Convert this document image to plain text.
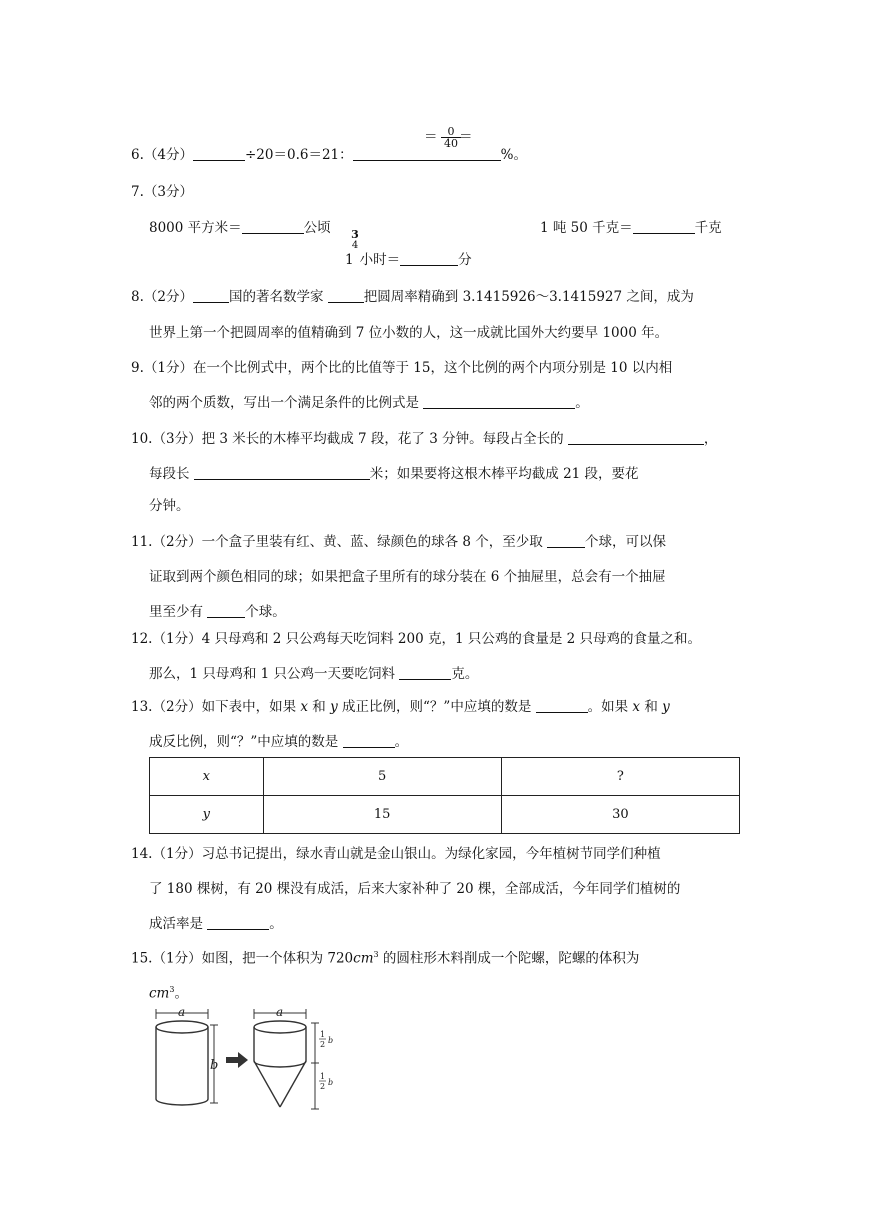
＝ $\frac{0}{40}$
＝
6.（4分）	÷20＝0.6＝21：	%。
7.（3分）
8000 平方米＝	公顷	1 吨 50 千克＝	千克
3
4
1 小时＝	分
8.（2分）	国的著名数学家	把圆周率精确到 3.1415926～3.1415927 之间，成为
世界上第一个把圆周率的值精确到 7 位小数的人，这一成就比国外大约要早 1000 年。
9.（1分）在一个比例式中，两个比的比值等于 15，这个比例的两个内项分别是 10 以内相
邻的两个质数，写出一个满足条件的比例式是	。
10.（3分）把 3 米长的木棒平均截成 7 段，花了 3 分钟。每段占全长的	，
每段长	米；如果要将这根木棒平均截成 21 段，要花
分钟。
11.（2分）一个盒子里装有红、黄、蓝、绿颜色的球各 8 个，至少取	个球，可以保
证取到两个颜色相同的球；如果把盒子里所有的球分装在 6 个抽屉里，总会有一个抽屉
里至少有	个球。
12.（1分）4 只母鸡和 2 只公鸡每天吃饲料 200 克，1 只公鸡的食量是 2 只母鸡的食量之和。
那么，1 只母鸡和 1 只公鸡一天要吃饲料	克。
13.（2分）如下表中，如果 x 和 y 成正比例，则“？”中应填的数是	。如果 x 和 y
成反比例，则“？”中应填的数是	。
x	5	?
y	15	30
14.（1分）习总书记提出，绿水青山就是金山银山。为绿化家园，今年植树节同学们种植
了 180 棵树，有 20 棵没有成活，后来大家补种了 20 棵，全部成活，今年同学们植树的
成活率是	。
15.（1分）如图，把一个体积为 $720cm^3$ 的圆柱形木料削成一个陀螺，陀螺的体积为
$cm^3$。
a
b
a
1
2 b
1
2 b
